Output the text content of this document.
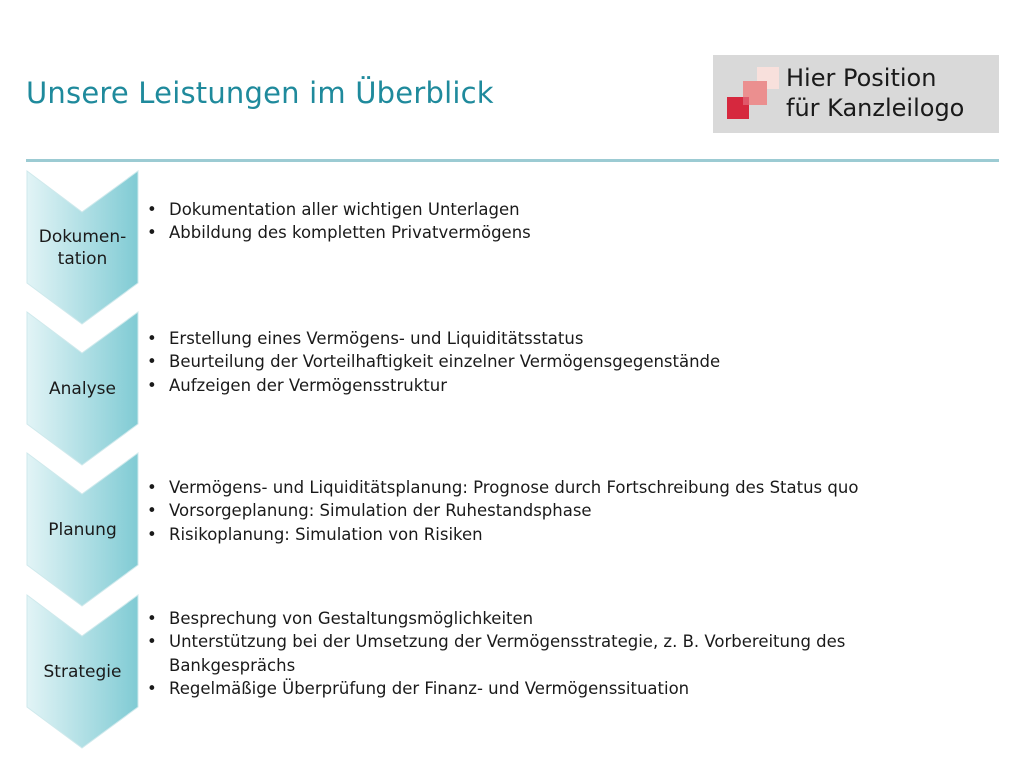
Unsere Leistungen im Überblick	Hier Position
für Kanzleilogo
Dokumen-
tation
• Dokumentation aller wichtigen Unterlagen
• Abbildung des kompletten Privatvermögens
Analyse
• Erstellung eines Vermögens- und Liquiditätsstatus
• Beurteilung der Vorteilhaftigkeit einzelner Vermögensgegenstände
• Aufzeigen der Vermögensstruktur
Planung
• Vermögens- und Liquiditätsplanung: Prognose durch Fortschreibung des Status quo
• Vorsorgeplanung: Simulation der Ruhestandsphase
• Risikoplanung: Simulation von Risiken
Strategie
• Besprechung von Gestaltungsmöglichkeiten
• Unterstützung bei der Umsetzung der Vermögensstrategie, z. B. Vorbereitung des Bankgesprächs
• Regelmäßige Überprüfung der Finanz- und Vermögenssituation
